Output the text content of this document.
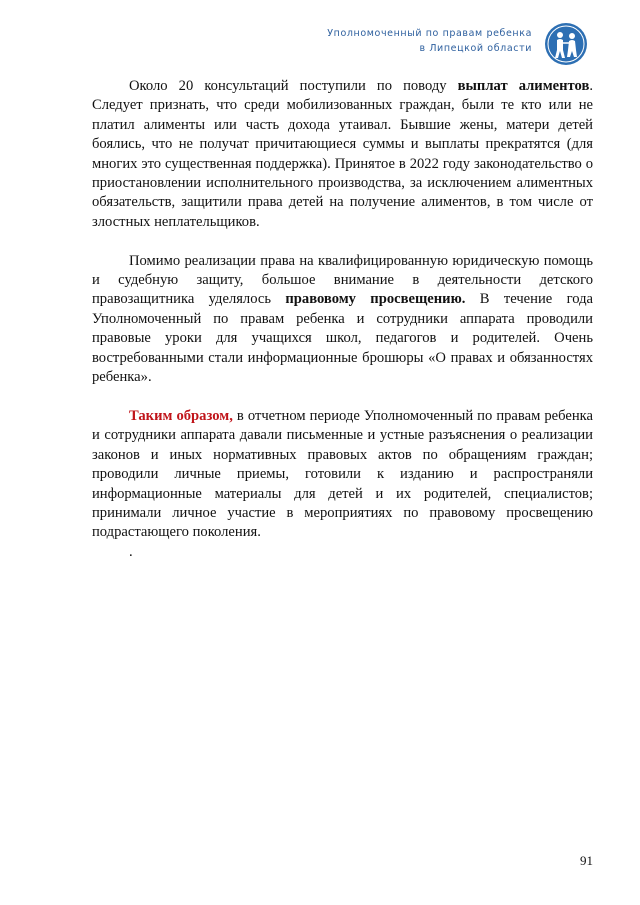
Уполномоченный по правам ребенка
в Липецкой области

Около 20 консультаций поступили по поводу выплат алиментов. Следует признать, что среди мобилизованных граждан, были те кто или не платил алименты или часть дохода утаивал. Бывшие жены, матери детей боялись, что не получат причитающиеся суммы и выплаты прекратятся (для многих это существенная поддержка). Принятое в 2022 году законодательство о приостановлении исполнительного производства, за исключением алиментных обязательств, защитили права детей на получение алиментов, в том числе от злостных неплательщиков.

Помимо реализации права на квалифицированную юридическую помощь и судебную защиту, большое внимание в деятельности детского правозащитника уделялось правовому просвещению. В течение года Уполномоченный по правам ребенка и сотрудники аппарата проводили правовые уроки для учащихся школ, педагогов и родителей. Очень востребованными стали информационные брошюры «О правах и обязанностях ребенка».

Таким образом, в отчетном периоде Уполномоченный по правам ребенка и сотрудники аппарата давали письменные и устные разъяснения о реализации законов и иных нормативных правовых актов по обращениям граждан; проводили личные приемы, готовили к изданию и распространяли информационные материалы для детей и их родителей, специалистов; принимали личное участие в мероприятиях по правовому просвещению подрастающего поколения.

.

91
